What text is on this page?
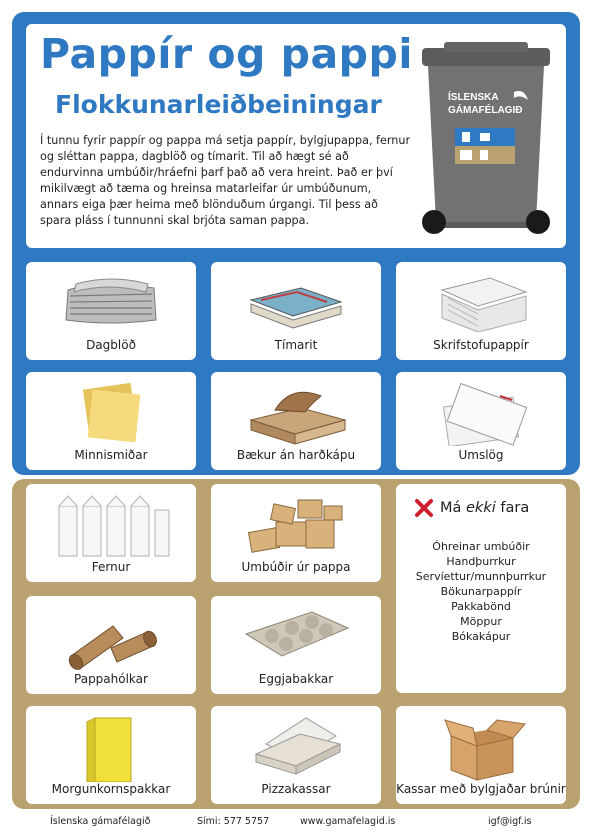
Pappír og pappi
Flokkunarleiðbeiningar

Í tunnu fyrir pappír og pappa má setja pappír, bylgjupappa, fernur og sléttan pappa, dagblöð og tímarit. Til að hægt sé að endurvinna umbúðir/hráefni þarf það að vera hreint. Það er því mikilvægt að tæma og hreinsa matarleifar úr umbúðunum, annars eiga þær heima með blönduðum úrgangi. Til þess að spara pláss í tunnunni skal brjóta saman pappa.

ÍSLENSKA
GÁMAFÉLAGIÐ
Dagblöð	Tímarit	Skrifstofupappír
Minnismiðar	Bækur án harðkápu	Umslög
Fernur	Umbúðir úr pappa
Má ekki fara
Óhreinar umbúðir
Handþurrkur
Servíettur/munnþurrkur
Bökunarpappír
Pakkabönd
Möppur
Bókakápur
Pappahólkar	Eggjabakkar
Morgunkornspakkar	Pizzakassar	Kassar með bylgjaðar brúnir
Íslenska gámafélagið	Sími: 577 5757	www.gamafelagid.is	igf@igf.is
